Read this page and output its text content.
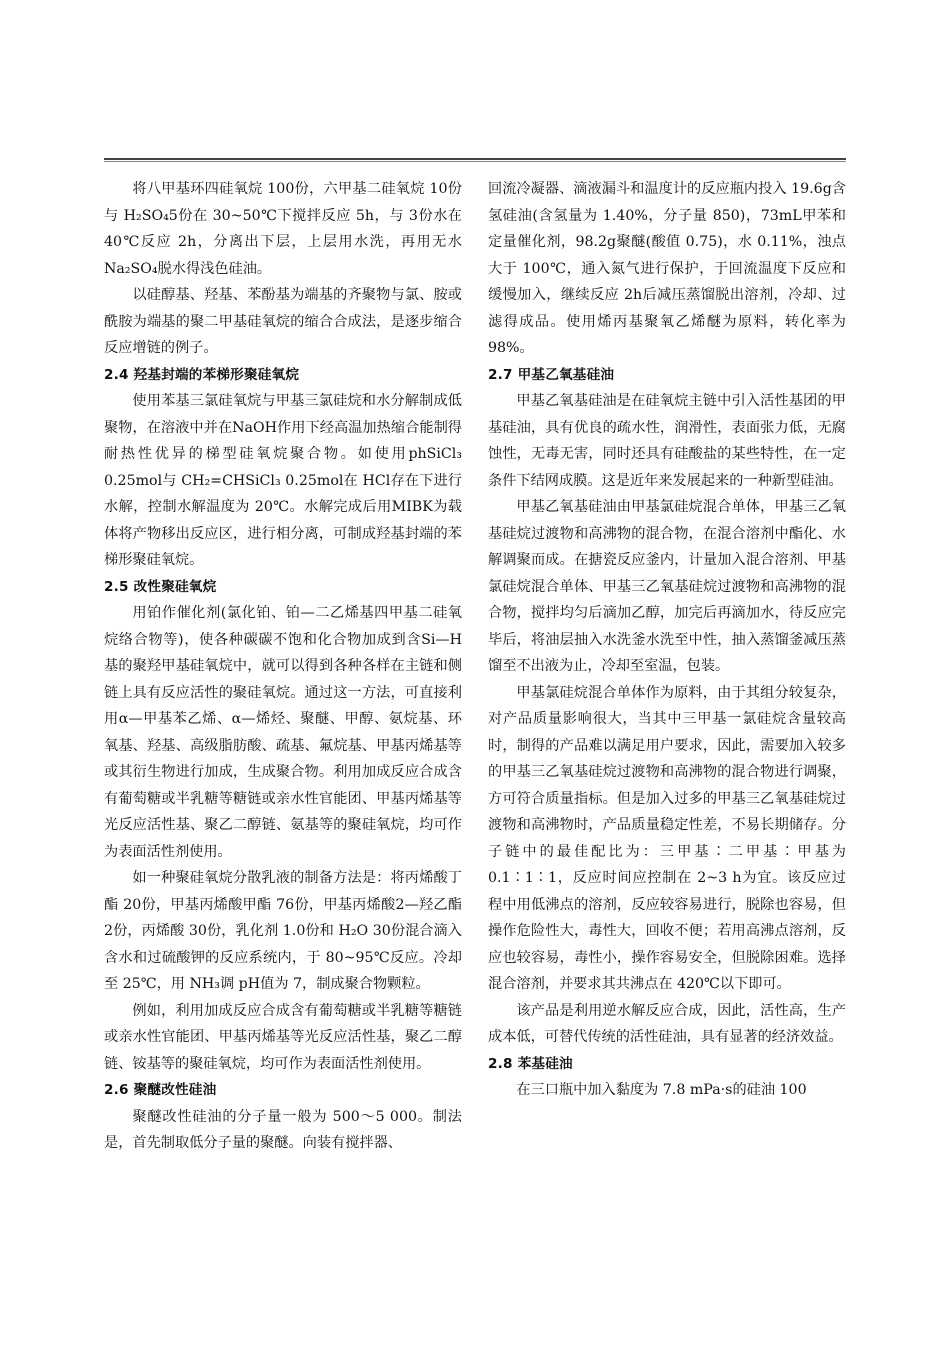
将八甲基环四硅氧烷 100份，六甲基二硅氧烷 10份与 H₂SO₄5份在 30~50℃下搅拌反应 5h，与 3份水在 40℃反应 2h，分离出下层，上层用水洗，再用无水 Na₂SO₄脱水得浅色硅油。

以硅醇基、羟基、苯酚基为端基的齐聚物与氯、胺或酰胺为端基的聚二甲基硅氧烷的缩合合成法，是逐步缩合反应增链的例子。

2.4 羟基封端的苯梯形聚硅氧烷

使用苯基三氯硅氧烷与甲基三氯硅烷和水分解制成低聚物，在溶液中并在NaOH作用下经高温加热缩合能制得耐热性优异的梯型硅氧烷聚合物。如使用phSiCl₃ 0.25mol与 CH₂=CHSiCl₃ 0.25mol在 HCl存在下进行水解，控制水解温度为 20℃。水解完成后用MIBK为载体将产物移出反应区，进行相分离，可制成羟基封端的苯梯形聚硅氧烷。

2.5 改性聚硅氧烷

用铂作催化剂(氯化铂、铂—二乙烯基四甲基二硅氧烷络合物等)，使各种碳碳不饱和化合物加成到含Si—H基的聚羟甲基硅氧烷中，就可以得到各种各样在主链和侧链上具有反应活性的聚硅氧烷。通过这一方法，可直接利用α—甲基苯乙烯、α—烯烃、聚醚、甲醇、氨烷基、环氧基、羟基、高级脂肪酸、疏基、氟烷基、甲基丙烯基等或其衍生物进行加成，生成聚合物。利用加成反应合成含有葡萄糖或半乳糖等糖链或亲水性官能团、甲基丙烯基等光反应活性基、聚乙二醇链、氨基等的聚硅氧烷，均可作为表面活性剂使用。

如一种聚硅氧烷分散乳液的制备方法是：将丙烯酸丁酯 20份，甲基丙烯酸甲酯 76份，甲基丙烯酸2—羟乙酯 2份，丙烯酸 30份，乳化剂 1.0份和 H₂O 30份混合滴入含水和过硫酸钾的反应系统内，于 80~95℃反应。冷却至 25℃，用 NH₃调 pH值为 7，制成聚合物颗粒。

例如，利用加成反应合成含有葡萄糖或半乳糖等糖链或亲水性官能团、甲基丙烯基等光反应活性基，聚乙二醇链、铵基等的聚硅氧烷，均可作为表面活性剂使用。

2.6 聚醚改性硅油

聚醚改性硅油的分子量一般为 500～5 000。制法是，首先制取低分子量的聚醚。向装有搅拌器、

回流冷凝器、滴液漏斗和温度计的反应瓶内投入 19.6g含氢硅油(含氢量为 1.40%，分子量 850)，73mL甲苯和定量催化剂，98.2g聚醚(酸值 0.75)，水 0.11%，浊点大于 100℃，通入氮气进行保护，于回流温度下反应和缓慢加入，继续反应 2h后减压蒸馏脱出溶剂，冷却、过滤得成品。使用烯丙基聚氧乙烯醚为原料，转化率为 98%。

2.7 甲基乙氧基硅油

甲基乙氧基硅油是在硅氧烷主链中引入活性基团的甲基硅油，具有优良的疏水性，润滑性，表面张力低，无腐蚀性，无毒无害，同时还具有硅酸盐的某些特性，在一定条件下结网成膜。这是近年来发展起来的一种新型硅油。

甲基乙氧基硅油由甲基氯硅烷混合单体，甲基三乙氧基硅烷过渡物和高沸物的混合物，在混合溶剂中酯化、水解调聚而成。在搪瓷反应釜内，计量加入混合溶剂、甲基氯硅烷混合单体、甲基三乙氧基硅烷过渡物和高沸物的混合物，搅拌均匀后滴加乙醇，加完后再滴加水，待反应完毕后，将油层抽入水洗釜水洗至中性，抽入蒸馏釜减压蒸馏至不出液为止，冷却至室温，包装。

甲基氯硅烷混合单体作为原料，由于其组分较复杂，对产品质量影响很大，当其中三甲基一氯硅烷含量较高时，制得的产品难以满足用户要求，因此，需要加入较多的甲基三乙氧基硅烷过渡物和高沸物的混合物进行调聚，方可符合质量指标。但是加入过多的甲基三乙氧基硅烷过渡物和高沸物时，产品质量稳定性差，不易长期储存。分子链中的最佳配比为：三甲基∶二甲基∶甲基为 0.1∶1∶1，反应时间应控制在 2~3 h为宜。该反应过程中用低沸点的溶剂，反应较容易进行，脱除也容易，但操作危险性大，毒性大，回收不便；若用高沸点溶剂，反应也较容易，毒性小，操作容易安全，但脱除困难。选择混合溶剂，并要求其共沸点在 420℃以下即可。

该产品是利用逆水解反应合成，因此，活性高，生产成本低，可替代传统的活性硅油，具有显著的经济效益。

2.8 苯基硅油

在三口瓶中加入黏度为 7.8 mPa·s的硅油 100
